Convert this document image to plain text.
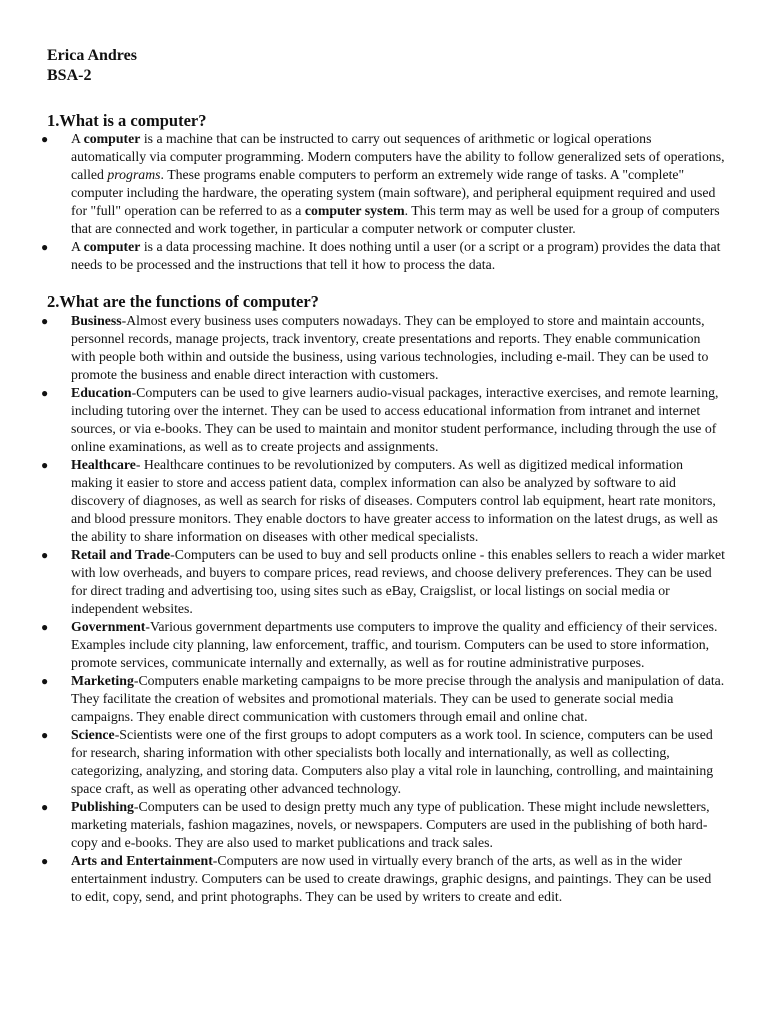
Erica Andres
BSA-2
1.What is a computer?
● A computer is a machine that can be instructed to carry out sequences of arithmetic or logical operations automatically via computer programming. Modern computers have the ability to follow generalized sets of operations, called programs. These programs enable computers to perform an extremely wide range of tasks. A "complete" computer including the hardware, the operating system (main software), and peripheral equipment required and used for "full" operation can be referred to as a computer system. This term may as well be used for a group of computers that are connected and work together, in particular a computer network or computer cluster.
● A computer is a data processing machine. It does nothing until a user (or a script or a program) provides the data that needs to be processed and the instructions that tell it how to process the data.
2.What are the functions of computer?
● Business-Almost every business uses computers nowadays. They can be employed to store and maintain accounts, personnel records, manage projects, track inventory, create presentations and reports. They enable communication with people both within and outside the business, using various technologies, including e-mail. They can be used to promote the business and enable direct interaction with customers.
● Education-Computers can be used to give learners audio-visual packages, interactive exercises, and remote learning, including tutoring over the internet. They can be used to access educational information from intranet and internet sources, or via e-books. They can be used to maintain and monitor student performance, including through the use of online examinations, as well as to create projects and assignments.
● Healthcare- Healthcare continues to be revolutionized by computers. As well as digitized medical information making it easier to store and access patient data, complex information can also be analyzed by software to aid discovery of diagnoses, as well as search for risks of diseases. Computers control lab equipment, heart rate monitors, and blood pressure monitors. They enable doctors to have greater access to information on the latest drugs, as well as the ability to share information on diseases with other medical specialists.
● Retail and Trade-Computers can be used to buy and sell products online - this enables sellers to reach a wider market with low overheads, and buyers to compare prices, read reviews, and choose delivery preferences. They can be used for direct trading and advertising too, using sites such as eBay, Craigslist, or local listings on social media or independent websites.
● Government-Various government departments use computers to improve the quality and efficiency of their services. Examples include city planning, law enforcement, traffic, and tourism. Computers can be used to store information, promote services, communicate internally and externally, as well as for routine administrative purposes.
● Marketing-Computers enable marketing campaigns to be more precise through the analysis and manipulation of data. They facilitate the creation of websites and promotional materials. They can be used to generate social media campaigns. They enable direct communication with customers through email and online chat.
● Science-Scientists were one of the first groups to adopt computers as a work tool. In science, computers can be used for research, sharing information with other specialists both locally and internationally, as well as collecting, categorizing, analyzing, and storing data. Computers also play a vital role in launching, controlling, and maintaining space craft, as well as operating other advanced technology.
● Publishing-Computers can be used to design pretty much any type of publication. These might include newsletters, marketing materials, fashion magazines, novels, or newspapers. Computers are used in the publishing of both hard-copy and e-books. They are also used to market publications and track sales.
● Arts and Entertainment-Computers are now used in virtually every branch of the arts, as well as in the wider entertainment industry. Computers can be used to create drawings, graphic designs, and paintings. They can be used to edit, copy, send, and print photographs. They can be used by writers to create and edit.
